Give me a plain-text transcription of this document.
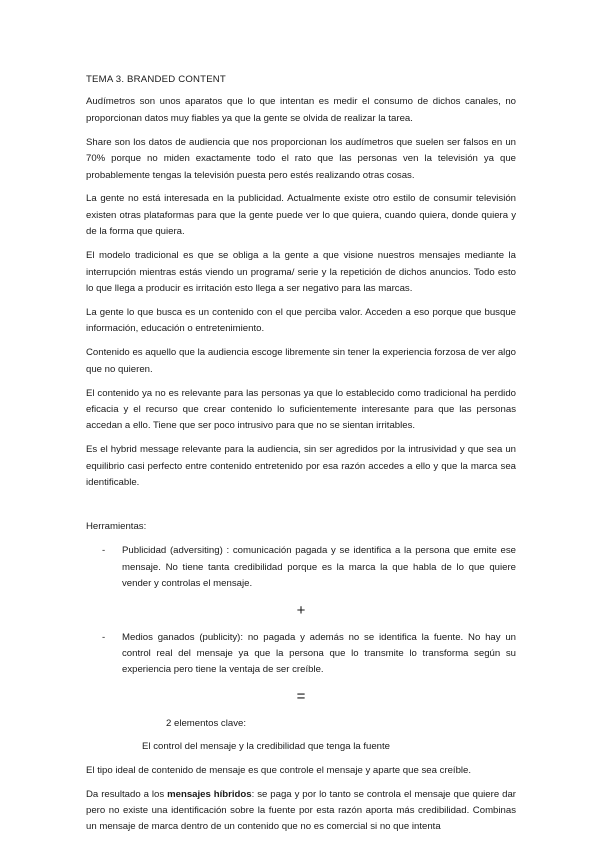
TEMA 3. BRANDED CONTENT

Audímetros son unos aparatos que lo que intentan es medir el consumo de dichos canales, no proporcionan datos muy fiables ya que la gente se olvida de realizar la tarea.

Share son los datos de audiencia que nos proporcionan los audímetros que suelen ser falsos en un 70% porque no miden exactamente todo el rato que las personas ven la televisión ya que probablemente tengas la televisión puesta pero estés realizando otras cosas.

La gente no está interesada en la publicidad. Actualmente existe otro estilo de consumir televisión existen otras plataformas para que la gente puede ver lo que quiera, cuando quiera, donde quiera y de la forma que quiera.

El modelo tradicional es que se obliga a la gente a que visione nuestros mensajes mediante la interrupción mientras estás viendo un programa/ serie y la repetición de dichos anuncios. Todo esto lo que llega a producir es irritación esto llega a ser negativo para las marcas.

La gente lo que busca es un contenido con el que perciba valor. Acceden a eso porque que busque información, educación o entretenimiento.

Contenido es aquello que la audiencia escoge libremente sin tener la experiencia forzosa de ver algo que no quieren.

El contenido ya no es relevante para las personas ya que lo establecido como tradicional ha perdido eficacia y el recurso que crear contenido lo suficientemente interesante para que las personas accedan a ello. Tiene que ser poco intrusivo para que no se sientan irritables.

Es el hybrid message relevante para la audiencia, sin ser agredidos por la intrusividad y que sea un equilibrio casi perfecto entre contenido entretenido por esa razón accedes a ello y que la marca sea identificable.

Herramientas:
- Publicidad (adversiting) : comunicación pagada y se identifica a la persona que emite ese mensaje. No tiene tanta credibilidad porque es la marca la que habla de lo que quiere vender y controlas el mensaje.
+
- Medios ganados (publicity): no pagada y además no se identifica la fuente. No hay un control real del mensaje ya que la persona que lo transmite lo transforma según su experiencia pero tiene la ventaja de ser creíble.
=
2 elementos clave:
El control del mensaje y la credibilidad que tenga la fuente

El tipo ideal de contenido de mensaje es que controle el mensaje y aparte que sea creíble.

Da resultado a los mensajes híbridos: se paga y por lo tanto se controla el mensaje que quiere dar pero no existe una identificación sobre la fuente por esta razón aporta más credibilidad. Combinas un mensaje de marca dentro de un contenido que no es comercial si no que intenta
